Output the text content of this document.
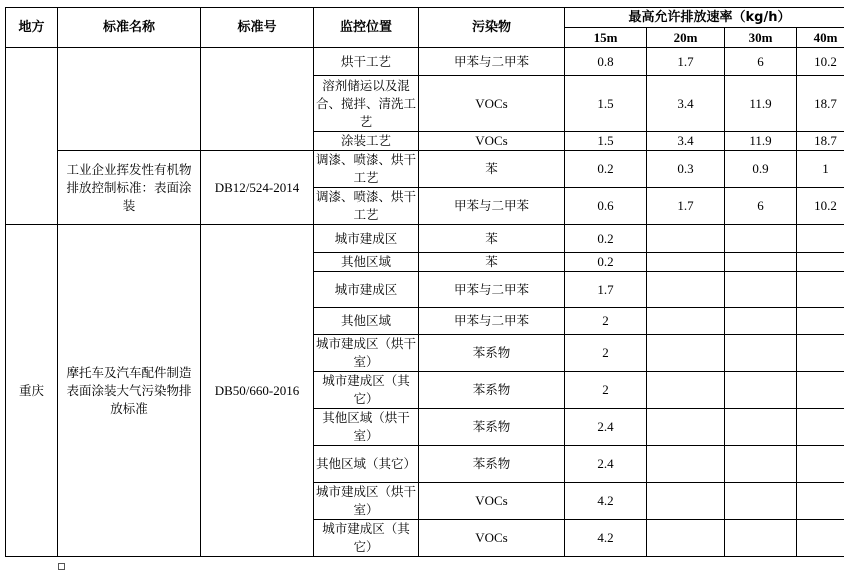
地方	标准名称	标准号	监控位置	污染物	最高允许排放速率（kg/h）			
					15m	20m	30m	40m
			烘干工艺	甲苯与二甲苯	0.8	1.7	6	10.2
			溶剂储运以及混合、搅拌、清洗工艺	VOCs	1.5	3.4	11.9	18.7
			涂装工艺	VOCs	1.5	3.4	11.9	18.7
	工业企业挥发性有机物排放控制标准：表面涂装	DB12/524-2014	调漆、喷漆、烘干工艺	苯	0.2	0.3	0.9	1
			调漆、喷漆、烘干工艺	甲苯与二甲苯	0.6	1.7	6	10.2
重庆	摩托车及汽车配件制造表面涂装大气污染物排放标准	DB50/660-2016	城市建成区	苯	0.2			
			其他区域	苯	0.2			
			城市建成区	甲苯与二甲苯	1.7			
			其他区域	甲苯与二甲苯	2			
			城市建成区（烘干室）	苯系物	2			
			城市建成区（其它）	苯系物	2			
			其他区域（烘干室）	苯系物	2.4			
			其他区域（其它）	苯系物	2.4			
			城市建成区（烘干室）	VOCs	4.2			
			城市建成区（其它）	VOCs	4.2			
